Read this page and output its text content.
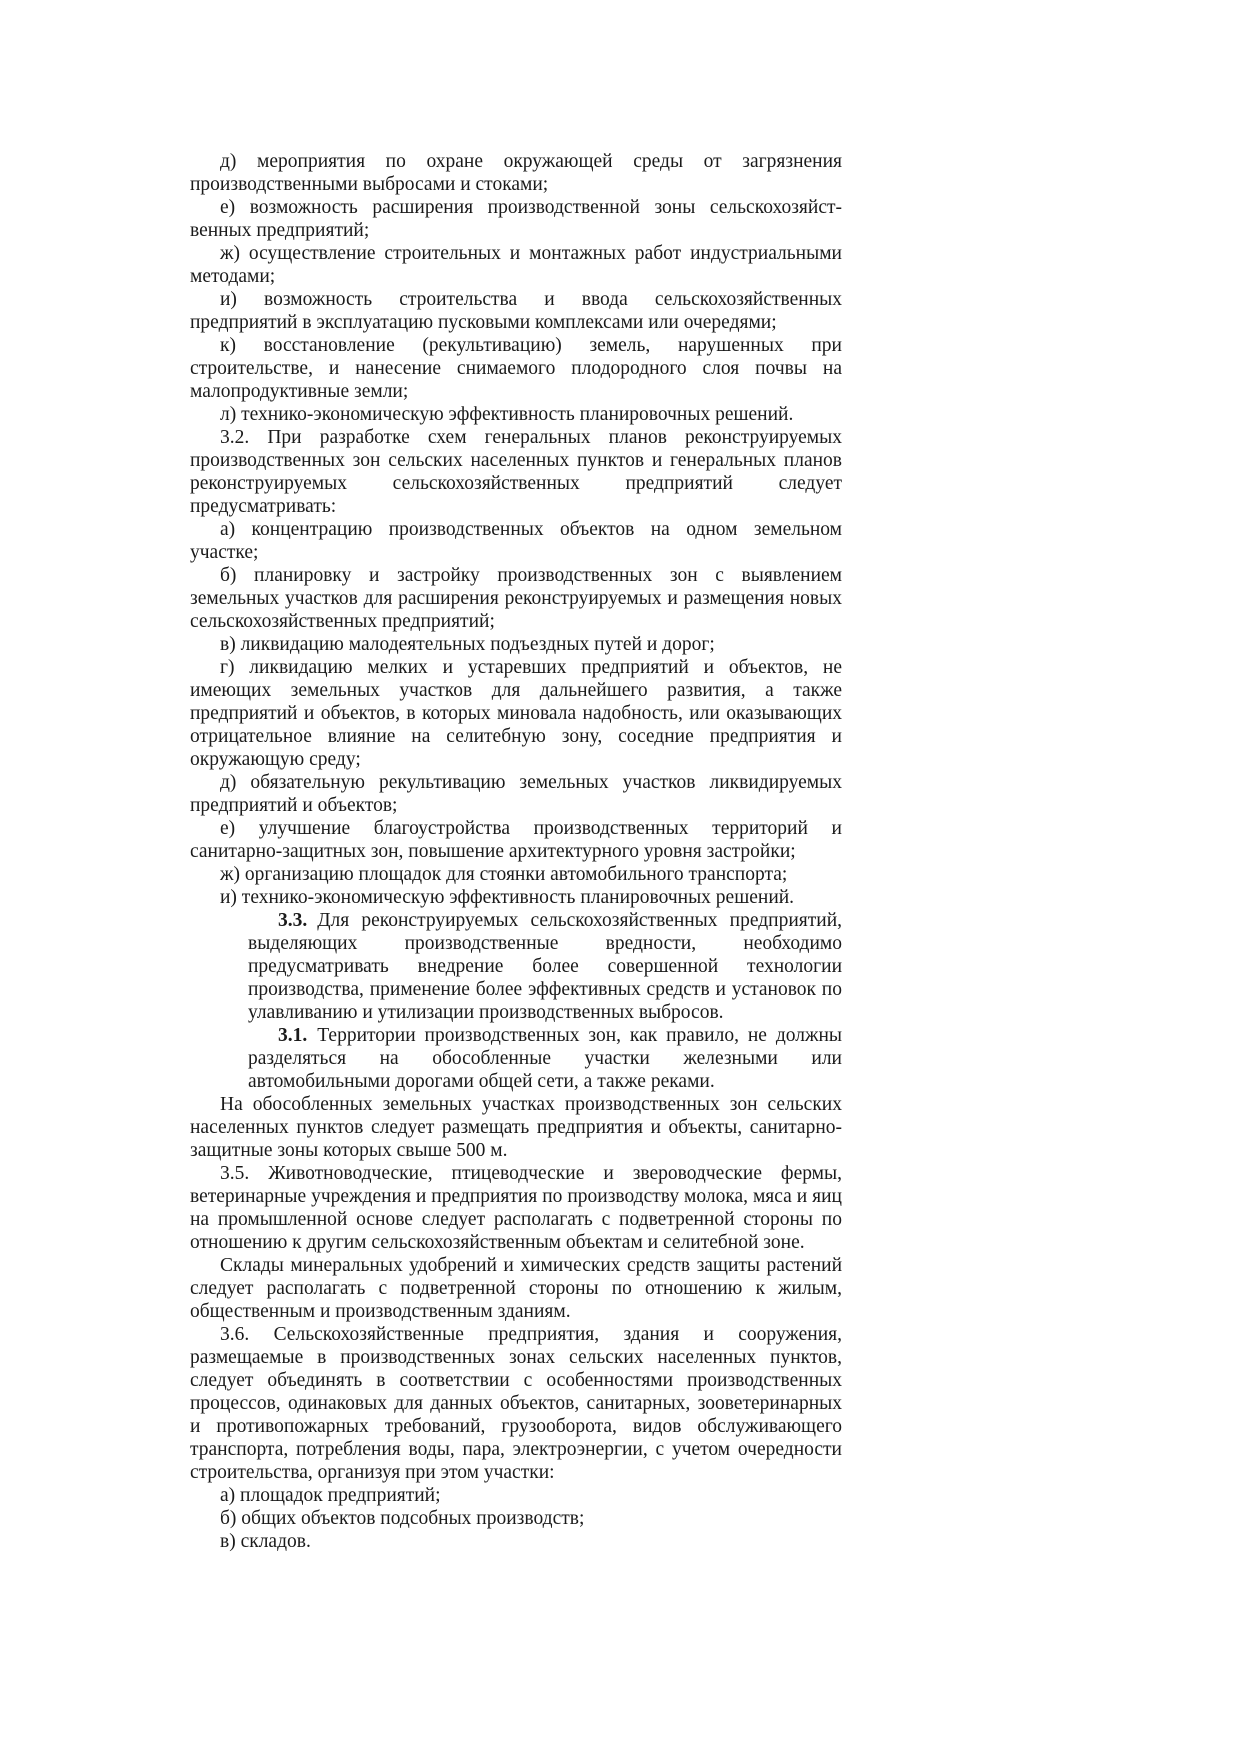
д) мероприятия по охране окружающей среды от загрязнения производственными выбросами и стоками;

е) возможность расширения производственной зоны сельскохозяйст-венных предприятий;

ж) осуществление строительных и монтажных работ индустриальными методами;

и) возможность строительства и ввода сельскохозяйственных предприятий в эксплуатацию пусковыми комплексами или очередями;

к) восстановление (рекультивацию) земель, нарушенных при строительстве, и нанесение снимаемого плодородного слоя почвы на малопродуктивные земли;

л) технико-экономическую эффективность планировочных решений.

3.2. При разработке схем генеральных планов реконструируемых производственных зон сельских населенных пунктов и генеральных планов реконструируемых сельскохозяйственных предприятий следует предусматривать:

а) концентрацию производственных объектов на одном земельном участке;

б) планировку и застройку производственных зон с выявлением земельных участков для расширения реконструируемых и размещения новых сельскохозяйственных предприятий;

в) ликвидацию малодеятельных подъездных путей и дорог;

г) ликвидацию мелких и устаревших предприятий и объектов, не имеющих земельных участков для дальнейшего развития, а также предприятий и объектов, в которых миновала надобность, или оказывающих отрицательное влияние на селитебную зону, соседние предприятия и окружающую среду;

д) обязательную рекультивацию земельных участков ликвидируемых предприятий и объектов;

е) улучшение благоустройства производственных территорий и санитарно-защитных зон, повышение архитектурного уровня застройки;

ж) организацию площадок для стоянки автомобильного транспорта;

и) технико-экономическую эффективность планировочных решений.

3.3. Для реконструируемых сельскохозяйственных предприятий, выделяющих производственные вредности, необходимо предусматривать внедрение более совершенной технологии производства, применение более эффективных средств и установок по улавливанию и утилизации производственных выбросов.

3.1. Территории производственных зон, как правило, не должны разделяться на обособленные участки железными или автомобильными дорогами общей сети, а также реками.

На обособленных земельных участках производственных зон сельских населенных пунктов следует размещать предприятия и объекты, санитарно-защитные зоны которых свыше 500 м.

3.5. Животноводческие, птицеводческие и звероводческие фермы, ветеринарные учреждения и предприятия по производству молока, мяса и яиц на промышленной основе следует располагать с подветренной стороны по отношению к другим сельскохозяйственным объектам и селитебной зоне.

Склады минеральных удобрений и химических средств защиты растений следует располагать с подветренной стороны по отношению к жилым, общественным и производственным зданиям.

3.6. Сельскохозяйственные предприятия, здания и сооружения, размещаемые в производственных зонах сельских населенных пунктов, следует объединять в соответствии с особенностями производственных процессов, одинаковых для данных объектов, санитарных, зооветеринарных и противопожарных требований, грузооборота, видов обслуживающего транспорта, потребления воды, пара, электроэнергии, с учетом очередности строительства, организуя при этом участки:

а) площадок предприятий;

б) общих объектов подсобных производств;

в) складов.
